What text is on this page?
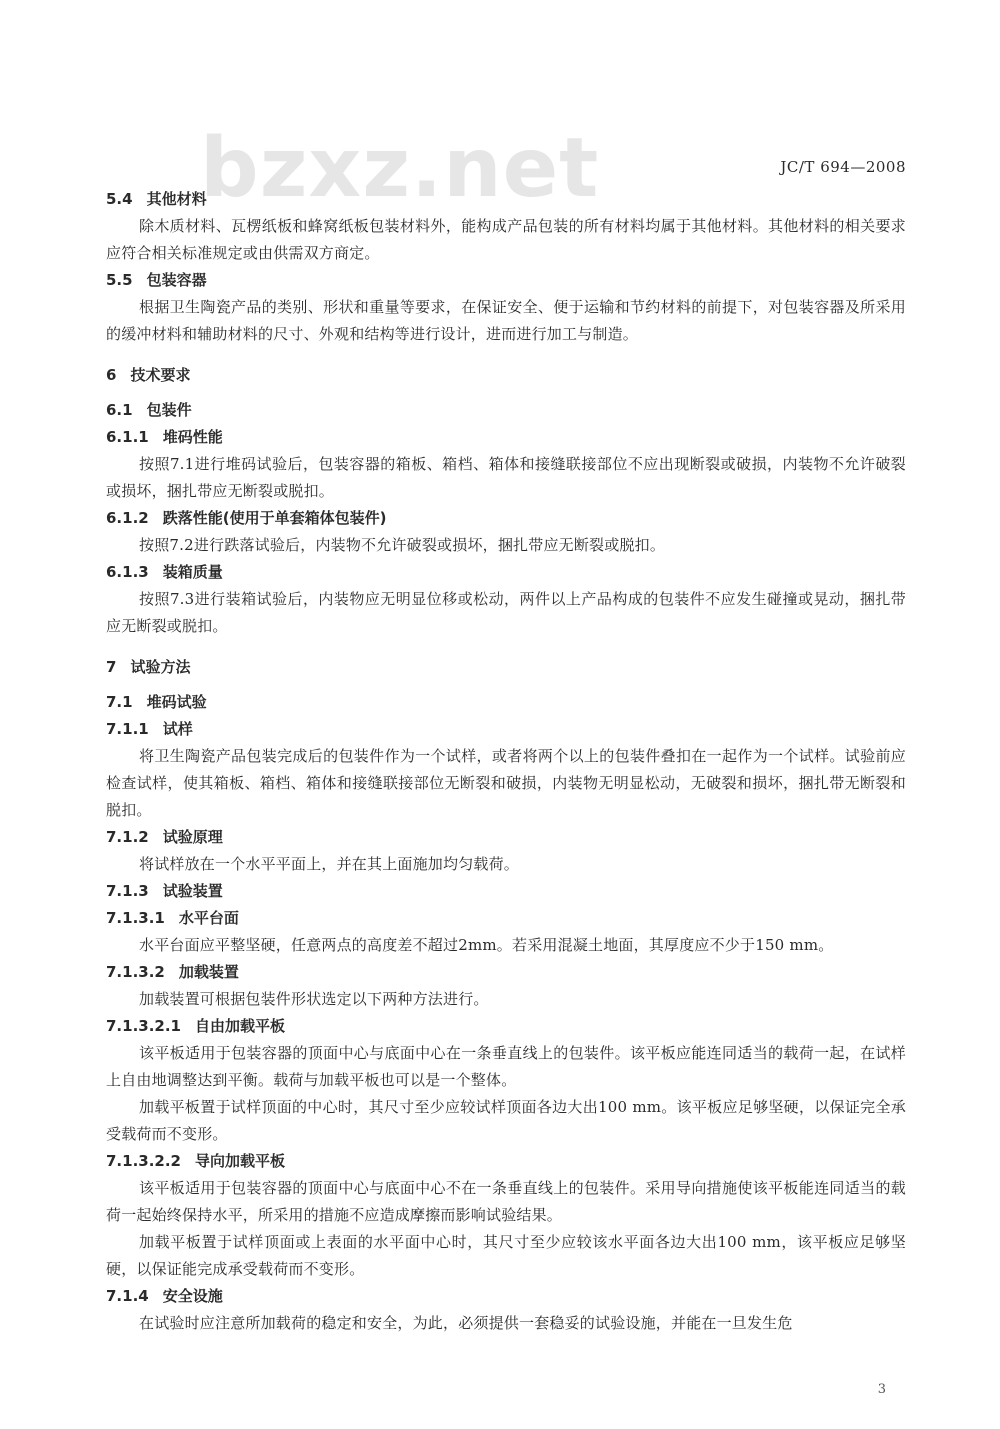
bzxz.net	JC/T 694—2008
5.4 其他材料
除木质材料、瓦楞纸板和蜂窝纸板包装材料外，能构成产品包装的所有材料均属于其他材料。其他材料的相关要求应符合相关标准规定或由供需双方商定。
5.5 包装容器
根据卫生陶瓷产品的类别、形状和重量等要求，在保证安全、便于运输和节约材料的前提下，对包装容器及所采用的缓冲材料和辅助材料的尺寸、外观和结构等进行设计，进而进行加工与制造。
6 技术要求
6.1 包装件
6.1.1 堆码性能
按照7.1进行堆码试验后，包装容器的箱板、箱档、箱体和接缝联接部位不应出现断裂或破损，内装物不允许破裂或损坏，捆扎带应无断裂或脱扣。
6.1.2 跌落性能(使用于单套箱体包装件)
按照7.2进行跌落试验后，内装物不允许破裂或损坏，捆扎带应无断裂或脱扣。
6.1.3 装箱质量
按照7.3进行装箱试验后，内装物应无明显位移或松动，两件以上产品构成的包装件不应发生碰撞或晃动，捆扎带应无断裂或脱扣。
7 试验方法
7.1 堆码试验
7.1.1 试样
将卫生陶瓷产品包装完成后的包装件作为一个试样，或者将两个以上的包装件叠扣在一起作为一个试样。试验前应检查试样，使其箱板、箱档、箱体和接缝联接部位无断裂和破损，内装物无明显松动，无破裂和损坏，捆扎带无断裂和脱扣。
7.1.2 试验原理
将试样放在一个水平平面上，并在其上面施加均匀载荷。
7.1.3 试验装置
7.1.3.1 水平台面
水平台面应平整坚硬，任意两点的高度差不超过2mm。若采用混凝土地面，其厚度应不少于150 mm。
7.1.3.2 加载装置
加载装置可根据包装件形状选定以下两种方法进行。
7.1.3.2.1 自由加载平板
该平板适用于包装容器的顶面中心与底面中心在一条垂直线上的包装件。该平板应能连同适当的载荷一起，在试样上自由地调整达到平衡。载荷与加载平板也可以是一个整体。
加载平板置于试样顶面的中心时，其尺寸至少应较试样顶面各边大出100 mm。该平板应足够坚硬，以保证完全承受载荷而不变形。
7.1.3.2.2 导向加载平板
该平板适用于包装容器的顶面中心与底面中心不在一条垂直线上的包装件。采用导向措施使该平板能连同适当的载荷一起始终保持水平，所采用的措施不应造成摩擦而影响试验结果。
加载平板置于试样顶面或上表面的水平面中心时，其尺寸至少应较该水平面各边大出100 mm，该平板应足够坚硬，以保证能完成承受载荷而不变形。
7.1.4 安全设施
在试验时应注意所加载荷的稳定和安全，为此，必须提供一套稳妥的试验设施，并能在一旦发生危
3
